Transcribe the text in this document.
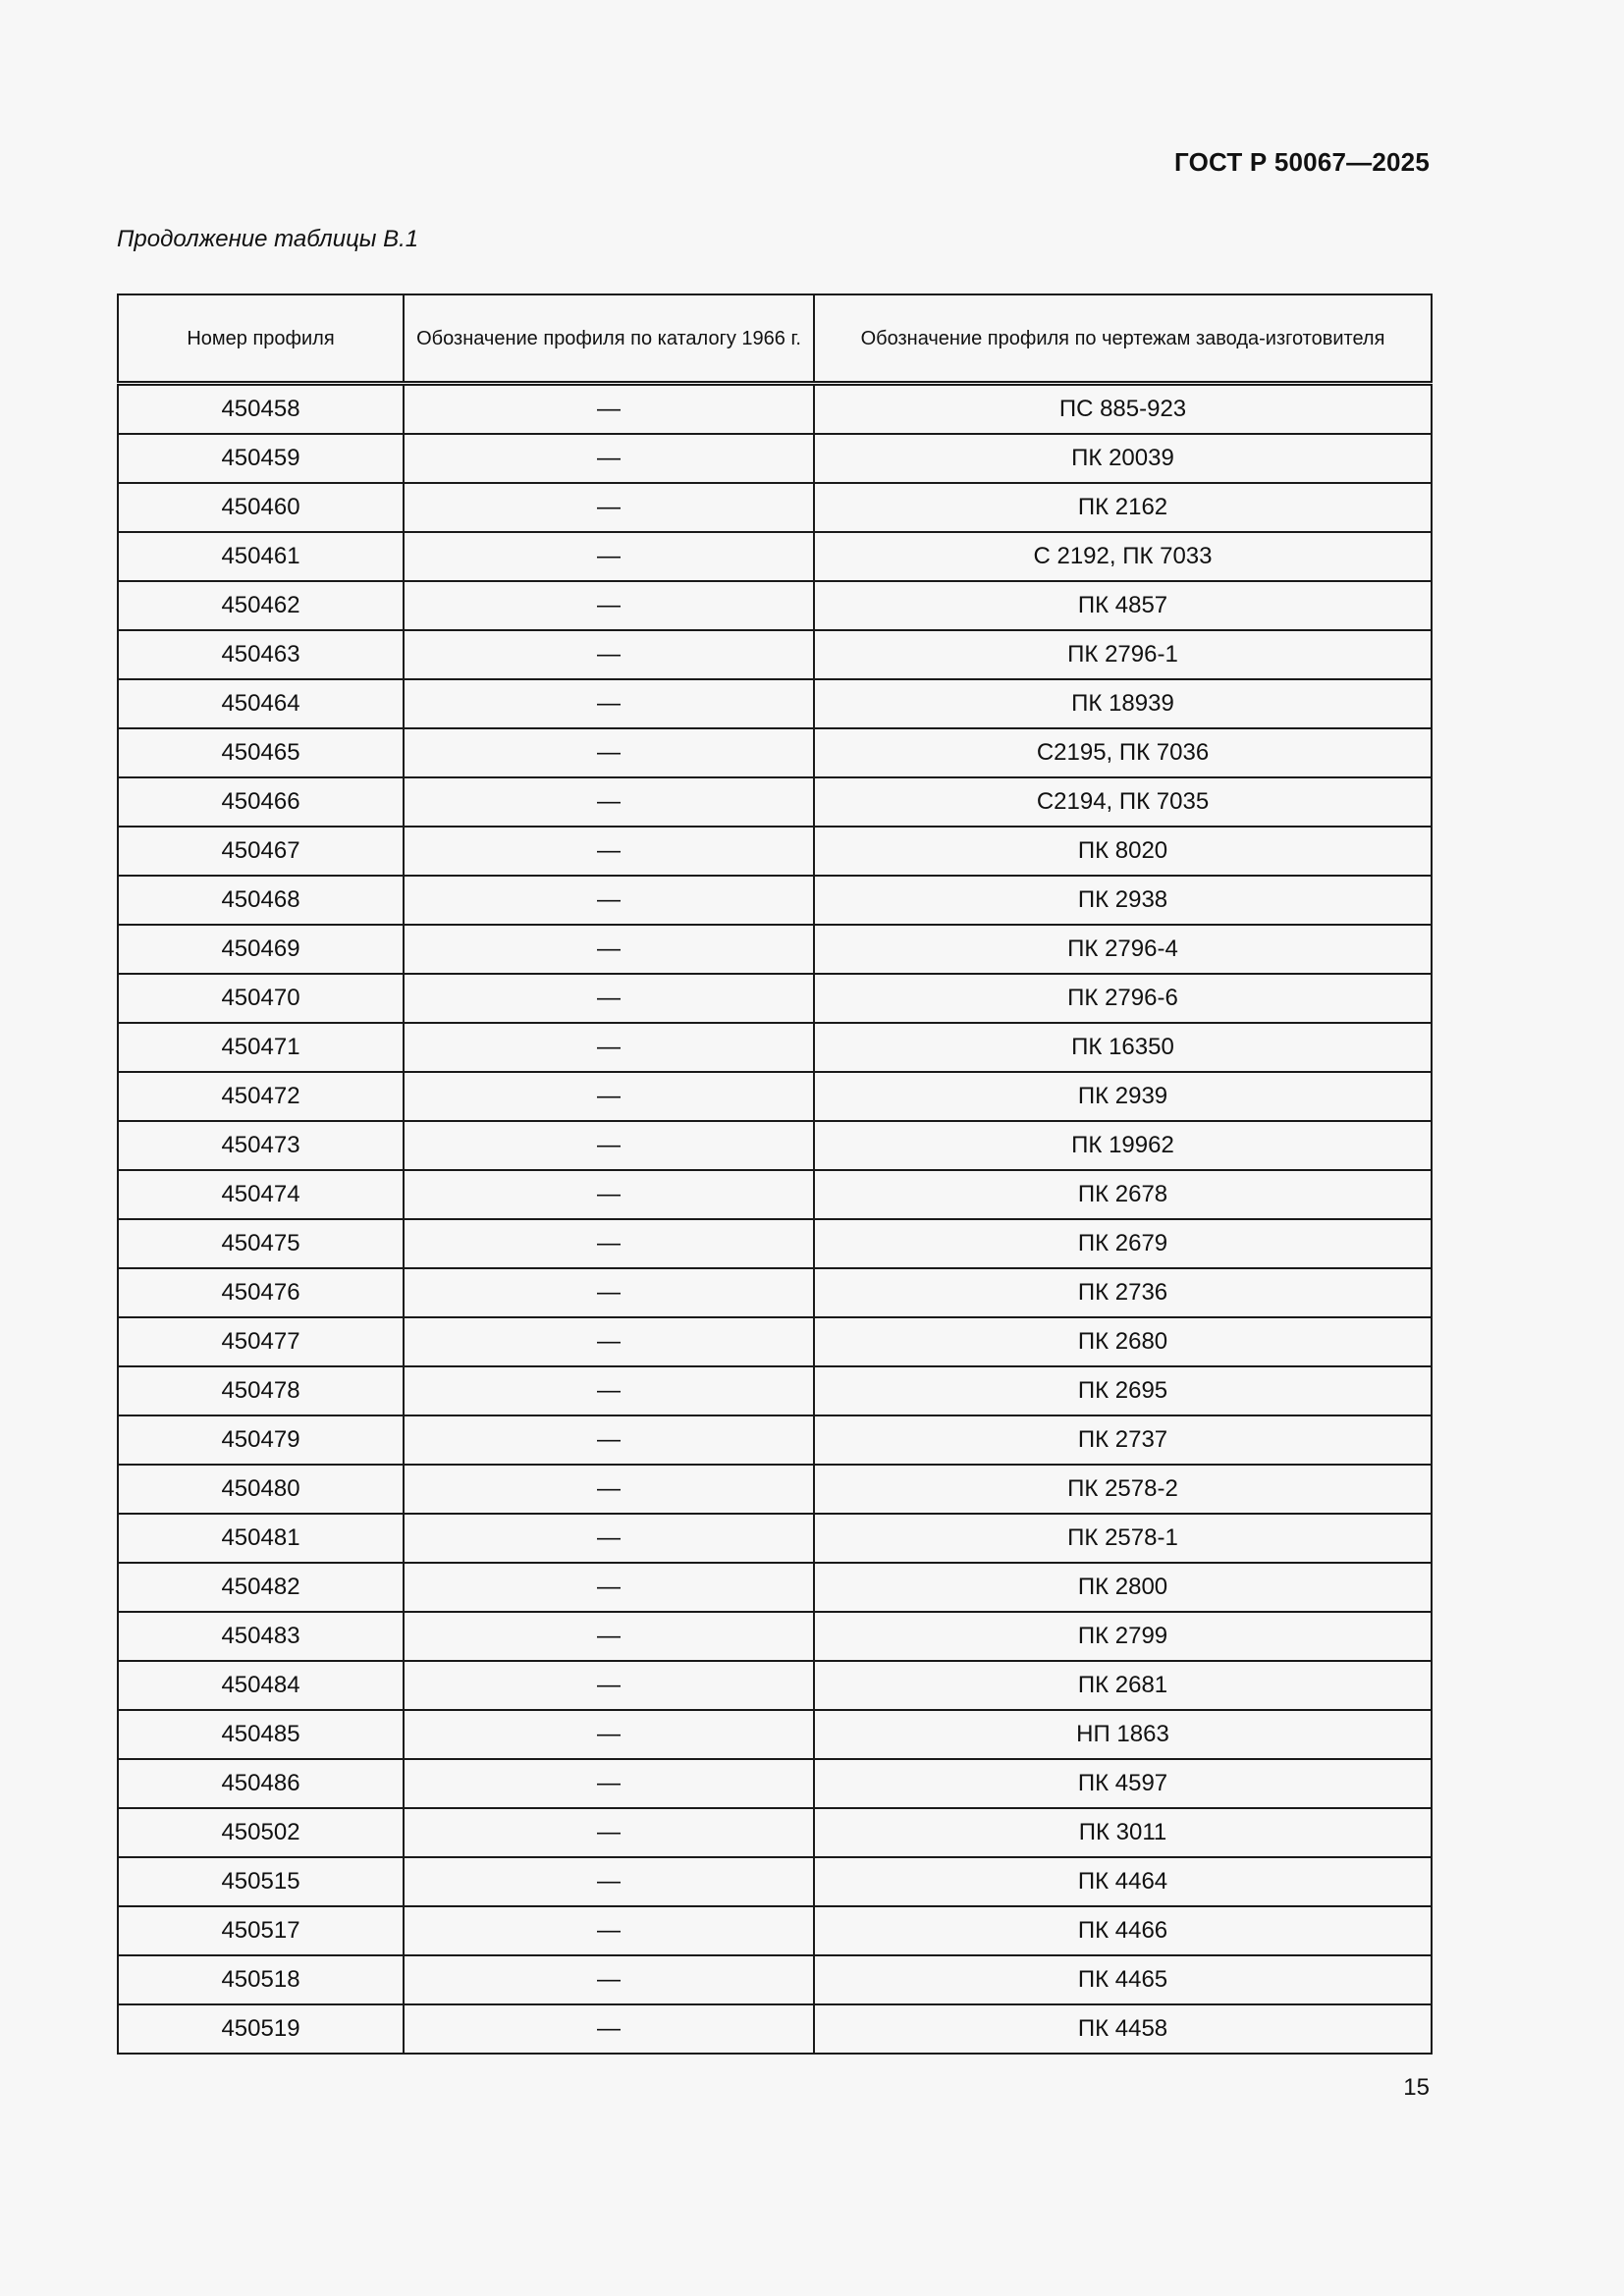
ГОСТ Р 50067—2025
Продолжение таблицы В.1
Номер профиля	Обозначение профиля по каталогу 1966 г.	Обозначение профиля по чертежам завода-изготовителя
450458	—	ПС 885-923
450459	—	ПК 20039
450460	—	ПК 2162
450461	—	С 2192, ПК 7033
450462	—	ПК 4857
450463	—	ПК 2796-1
450464	—	ПК 18939
450465	—	С2195, ПК 7036
450466	—	С2194, ПК 7035
450467	—	ПК 8020
450468	—	ПК 2938
450469	—	ПК 2796-4
450470	—	ПК 2796-6
450471	—	ПК 16350
450472	—	ПК 2939
450473	—	ПК 19962
450474	—	ПК 2678
450475	—	ПК 2679
450476	—	ПК 2736
450477	—	ПК 2680
450478	—	ПК 2695
450479	—	ПК 2737
450480	—	ПК 2578-2
450481	—	ПК 2578-1
450482	—	ПК 2800
450483	—	ПК 2799
450484	—	ПК 2681
450485	—	НП 1863
450486	—	ПК 4597
450502	—	ПК 3011
450515	—	ПК 4464
450517	—	ПК 4466
450518	—	ПК 4465
450519	—	ПК 4458
15
